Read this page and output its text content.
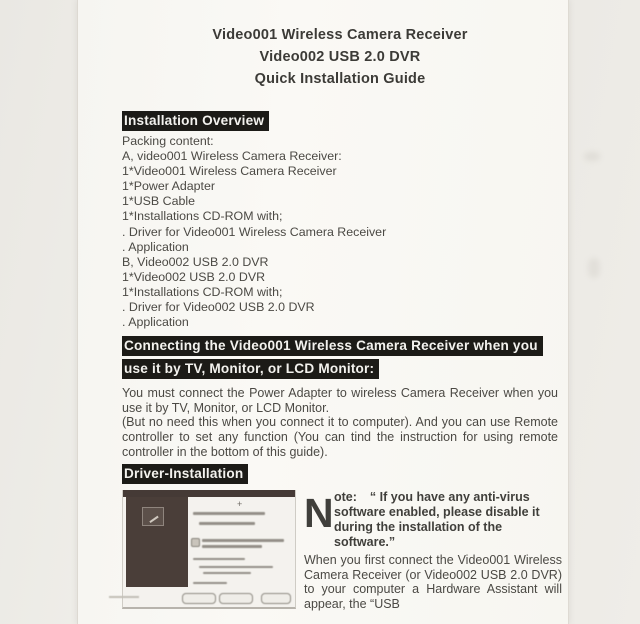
Video001 Wireless Camera Receiver
Video002 USB 2.0 DVR
Quick Installation Guide
Installation Overview
Packing content:
A, video001 Wireless Camera Receiver:
1*Video001 Wireless Camera Receiver
1*Power Adapter
1*USB Cable
1*Installations CD-ROM with;
. Driver for Video001 Wireless Camera Receiver
. Application
B, Video002 USB 2.0 DVR
1*Video002 USB 2.0 DVR
1*Installations CD-ROM with;
. Driver for Video002 USB 2.0 DVR
. Application
Connecting the Video001 Wireless Camera Receiver when you
use it by TV, Monitor, or LCD Monitor:

You must connect the Power Adapter to wireless Camera Receiver when you use it by TV, Monitor, or LCD Monitor.

(But no need this when you connect it to computer). And you can use Remote controller to set any function (You can tind the instruction for using remote controller in the bottom of this guide).

Driver-Installation
+ N ote: “ If you have any anti-virus software enabled, please disable it during the installation of the software.”

When you first connect the Video001 Wireless Camera Receiver (or Video002 USB 2.0 DVR) to your computer a Hardware Assistant will appear, the “USB
